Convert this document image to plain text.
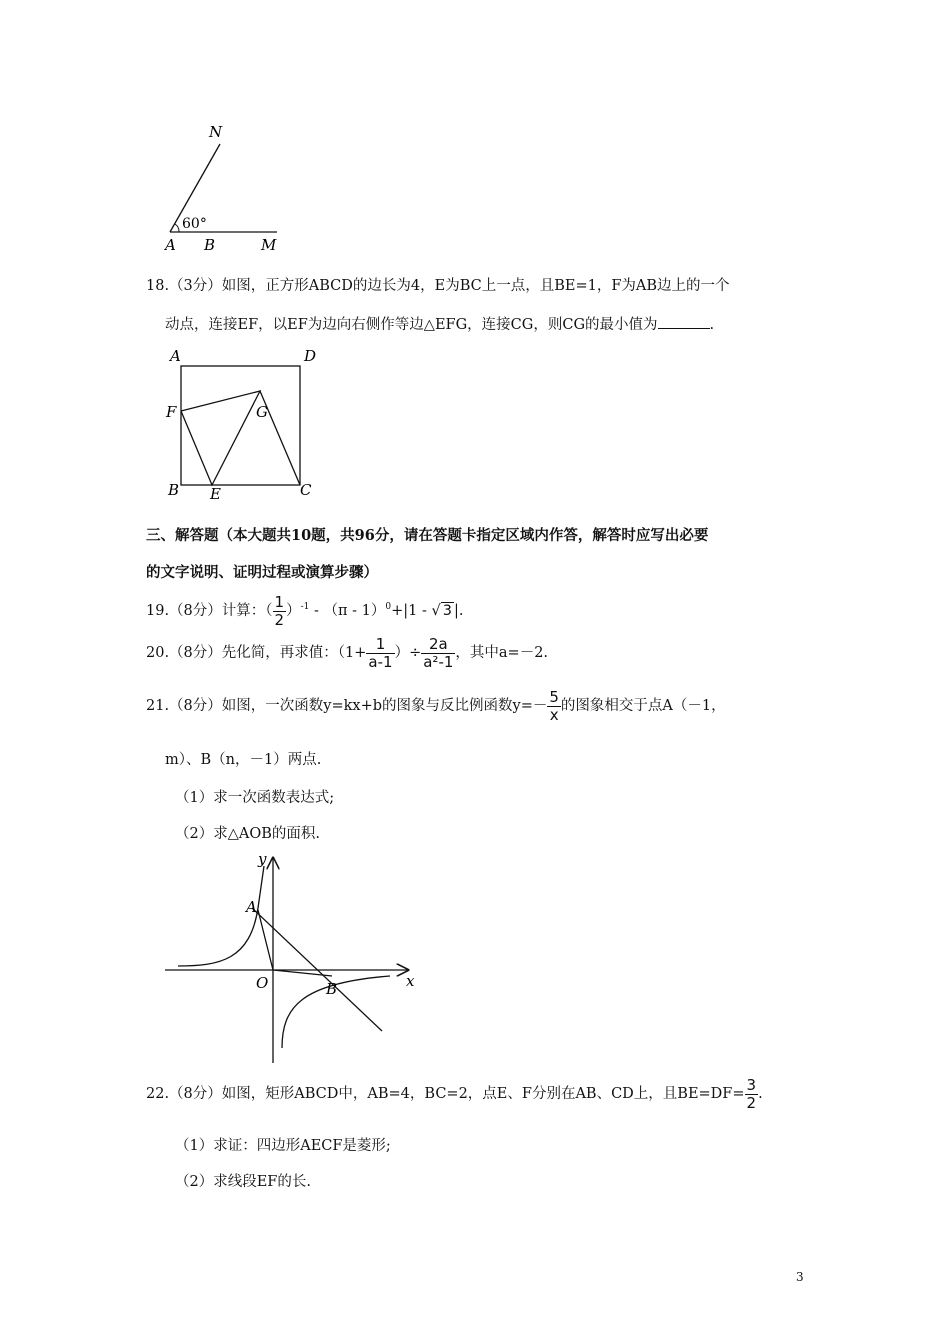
N
60°
A B	M
18.（3分）如图，正方形ABCD的边长为4，E为BC上一点，且BE=1，F为AB边上的一个
动点，连接EF，以EF为边向右侧作等边△EFG，连接CG，则CG的最小值为	.
A	D
F	G
B E	C
三、解答题（本大题共10题，共96分，请在答题卡指定区域内作答，解答时应写出必要
的文字说明、证明过程或演算步骤）
19.（8分）计算：（ $\frac{1}{2} )^{-1} - (\pi - 1)^0+|1$ - √ 3 |.
20.（8分）先化简，再求值：（$1+ \frac{1}{a-1}$ ）÷ $\frac{2a}{\text{a²-1}}$ ，其中a=－2.
21.（8分）如图，一次函数y=kx+b的图象与反比例函数$y=- \frac{5}{x}$ 的图象相交于点A（－1，
m）、B（n，－1）两点.
（1）求一次函数表达式;
（2）求△AOB的面积.
y
x
A
O	B
22.（8分）如图，矩形ABCD中，AB=4，BC=2，点E、F分别在AB、CD上，且$BE=DF= \frac{3}{2}$ .
（1）求证：四边形AECF是菱形;
（2）求线段EF的长.
3
